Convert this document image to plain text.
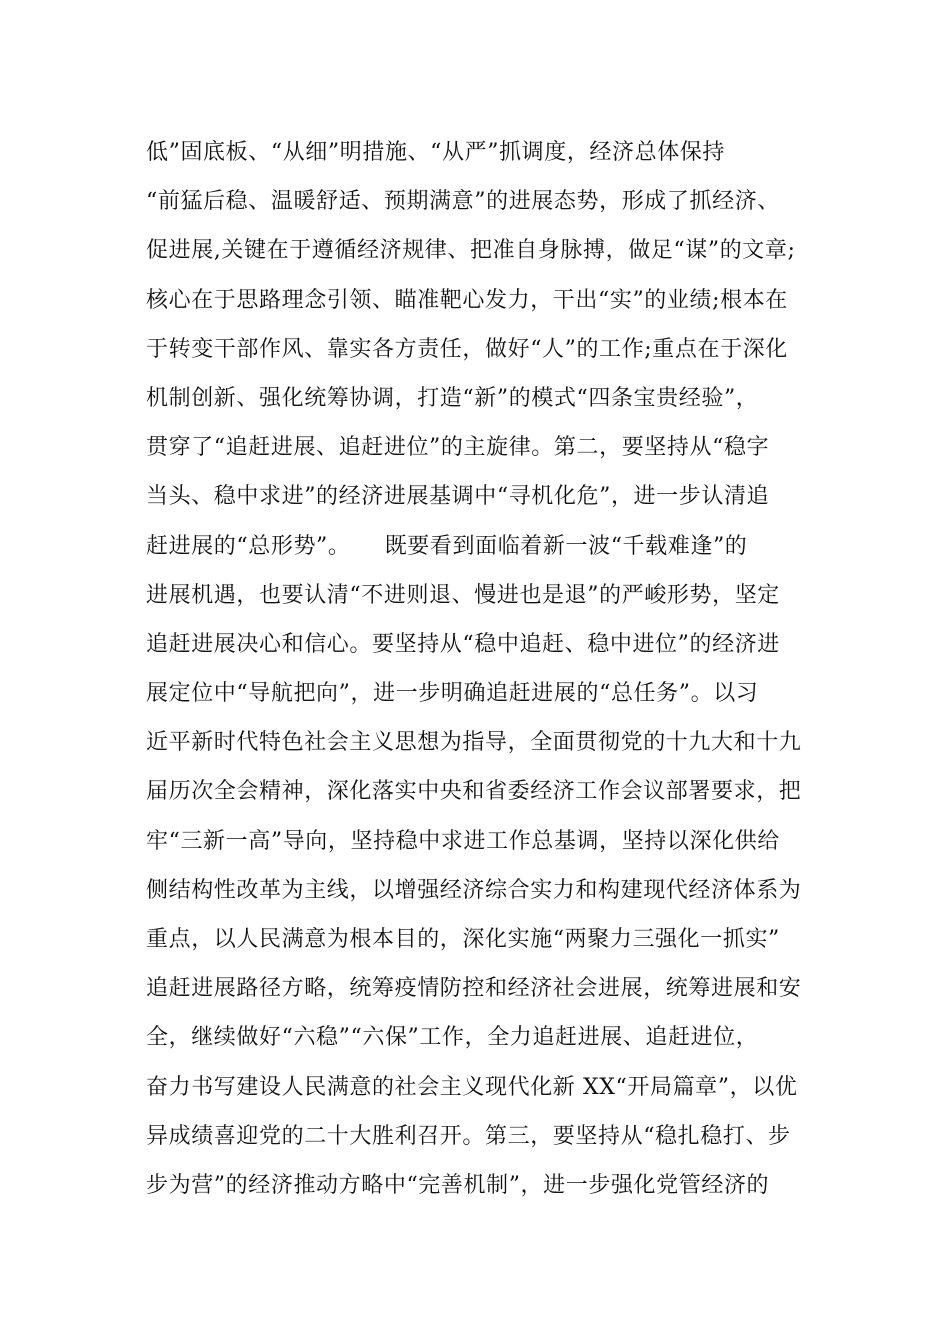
低”固底板、“从细”明措施、“从严”抓调度，经济总体保持
“前猛后稳、温暖舒适、预期满意”的进展态势，形成了抓经济、
促进展,关键在于遵循经济规律、把准自身脉搏，做足“谋”的文章;
核心在于思路理念引领、瞄准靶心发力，干出“实”的业绩;根本在
于转变干部作风、靠实各方责任，做好“人”的工作;重点在于深化
机制创新、强化统筹协调，打造“新”的模式“四条宝贵经验”，
贯穿了“追赶进展、追赶进位”的主旋律。第二，要坚持从“稳字
当头、稳中求进”的经济进展基调中“寻机化危”，进一步认清追
赶进展的“总形势”。　　既要看到面临着新一波“千载难逢”的
进展机遇，也要认清“不进则退、慢进也是退”的严峻形势，坚定
追赶进展决心和信心。要坚持从“稳中追赶、稳中进位”的经济进
展定位中“导航把向”，进一步明确追赶进展的“总任务”。以习
近平新时代特色社会主义思想为指导，全面贯彻党的十九大和十九
届历次全会精神，深化落实中央和省委经济工作会议部署要求，把
牢“三新一高”导向，坚持稳中求进工作总基调，坚持以深化供给
侧结构性改革为主线，以增强经济综合实力和构建现代经济体系为
重点，以人民满意为根本目的，深化实施“两聚力三强化一抓实”
追赶进展路径方略，统筹疫情防控和经济社会进展，统筹进展和安
全，继续做好“六稳”“六保”工作，全力追赶进展、追赶进位，
奋力书写建设人民满意的社会主义现代化新 XX“开局篇章”，以优
异成绩喜迎党的二十大胜利召开。第三，要坚持从“稳扎稳打、步
步为营”的经济推动方略中“完善机制”，进一步强化党管经济的
